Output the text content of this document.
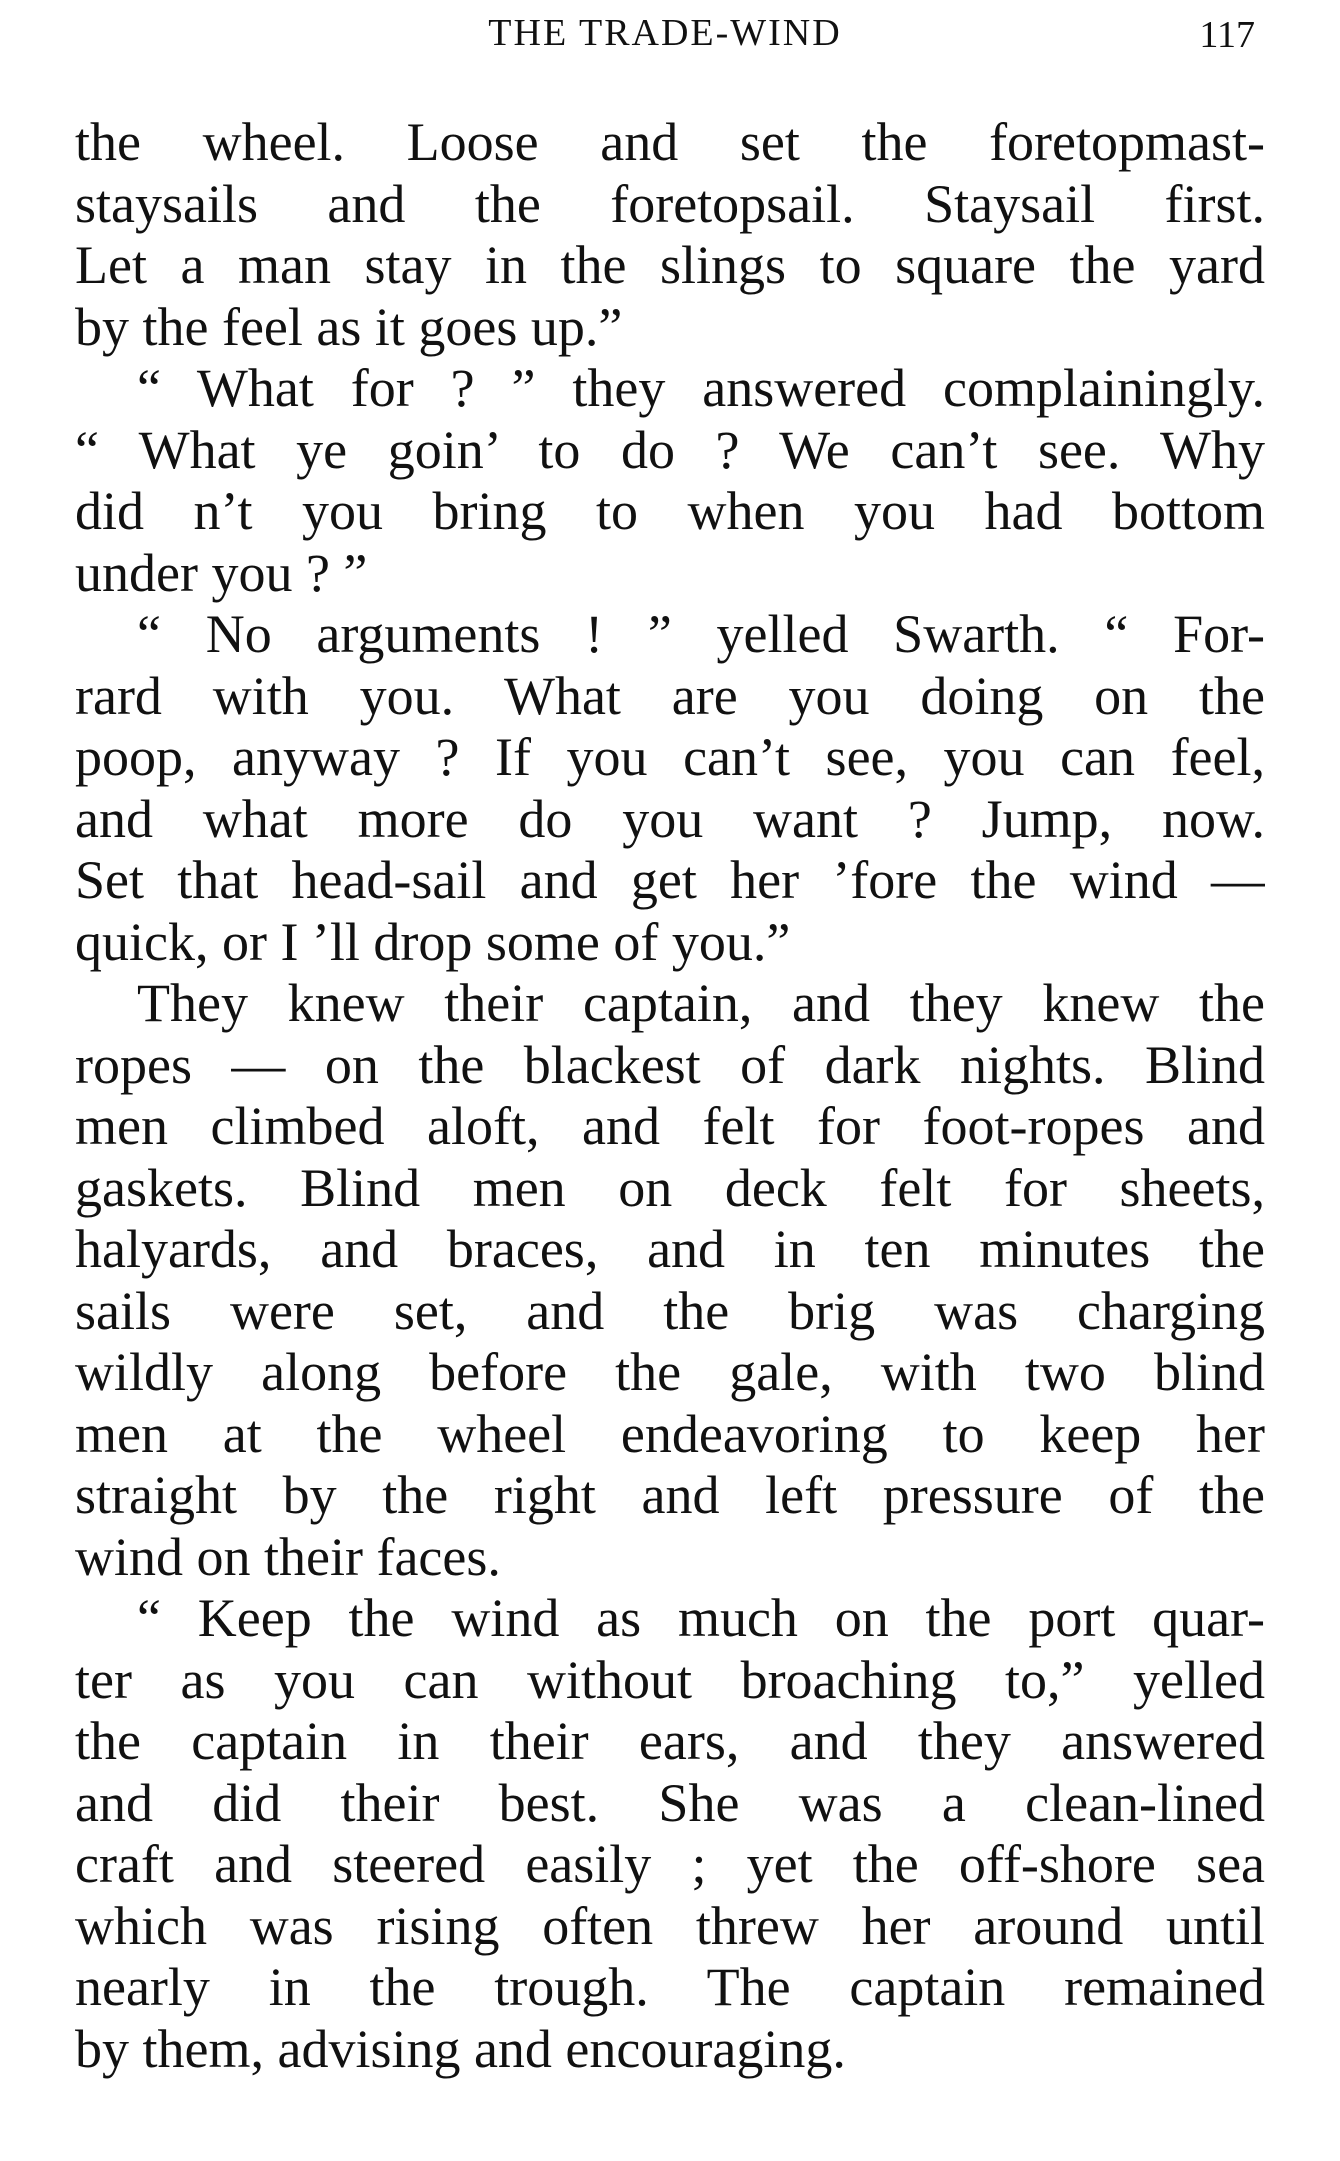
THE TRADE-WIND	117
the wheel. Loose and set the foretopmast-
staysails and the foretopsail. Staysail first.
Let a man stay in the slings to square the yard
by the feel as it goes up.”
“ What for ? ” they answered complainingly.
“ What ye goin’ to do ? We can’t see. Why
did n’t you bring to when you had bottom
under you ? ”
“ No arguments ! ” yelled Swarth. “ For-
rard with you. What are you doing on the
poop, anyway ? If you can’t see, you can feel,
and what more do you want ? Jump, now.
Set that head-sail and get her ’fore the wind —
quick, or I ’ll drop some of you.”
They knew their captain, and they knew the
ropes — on the blackest of dark nights. Blind
men climbed aloft, and felt for foot-ropes and
gaskets. Blind men on deck felt for sheets,
halyards, and braces, and in ten minutes the
sails were set, and the brig was charging
wildly along before the gale, with two blind
men at the wheel endeavoring to keep her
straight by the right and left pressure of the
wind on their faces.
“ Keep the wind as much on the port quar-
ter as you can without broaching to,” yelled
the captain in their ears, and they answered
and did their best. She was a clean-lined
craft and steered easily ; yet the off-shore sea
which was rising often threw her around until
nearly in the trough. The captain remained
by them, advising and encouraging.
